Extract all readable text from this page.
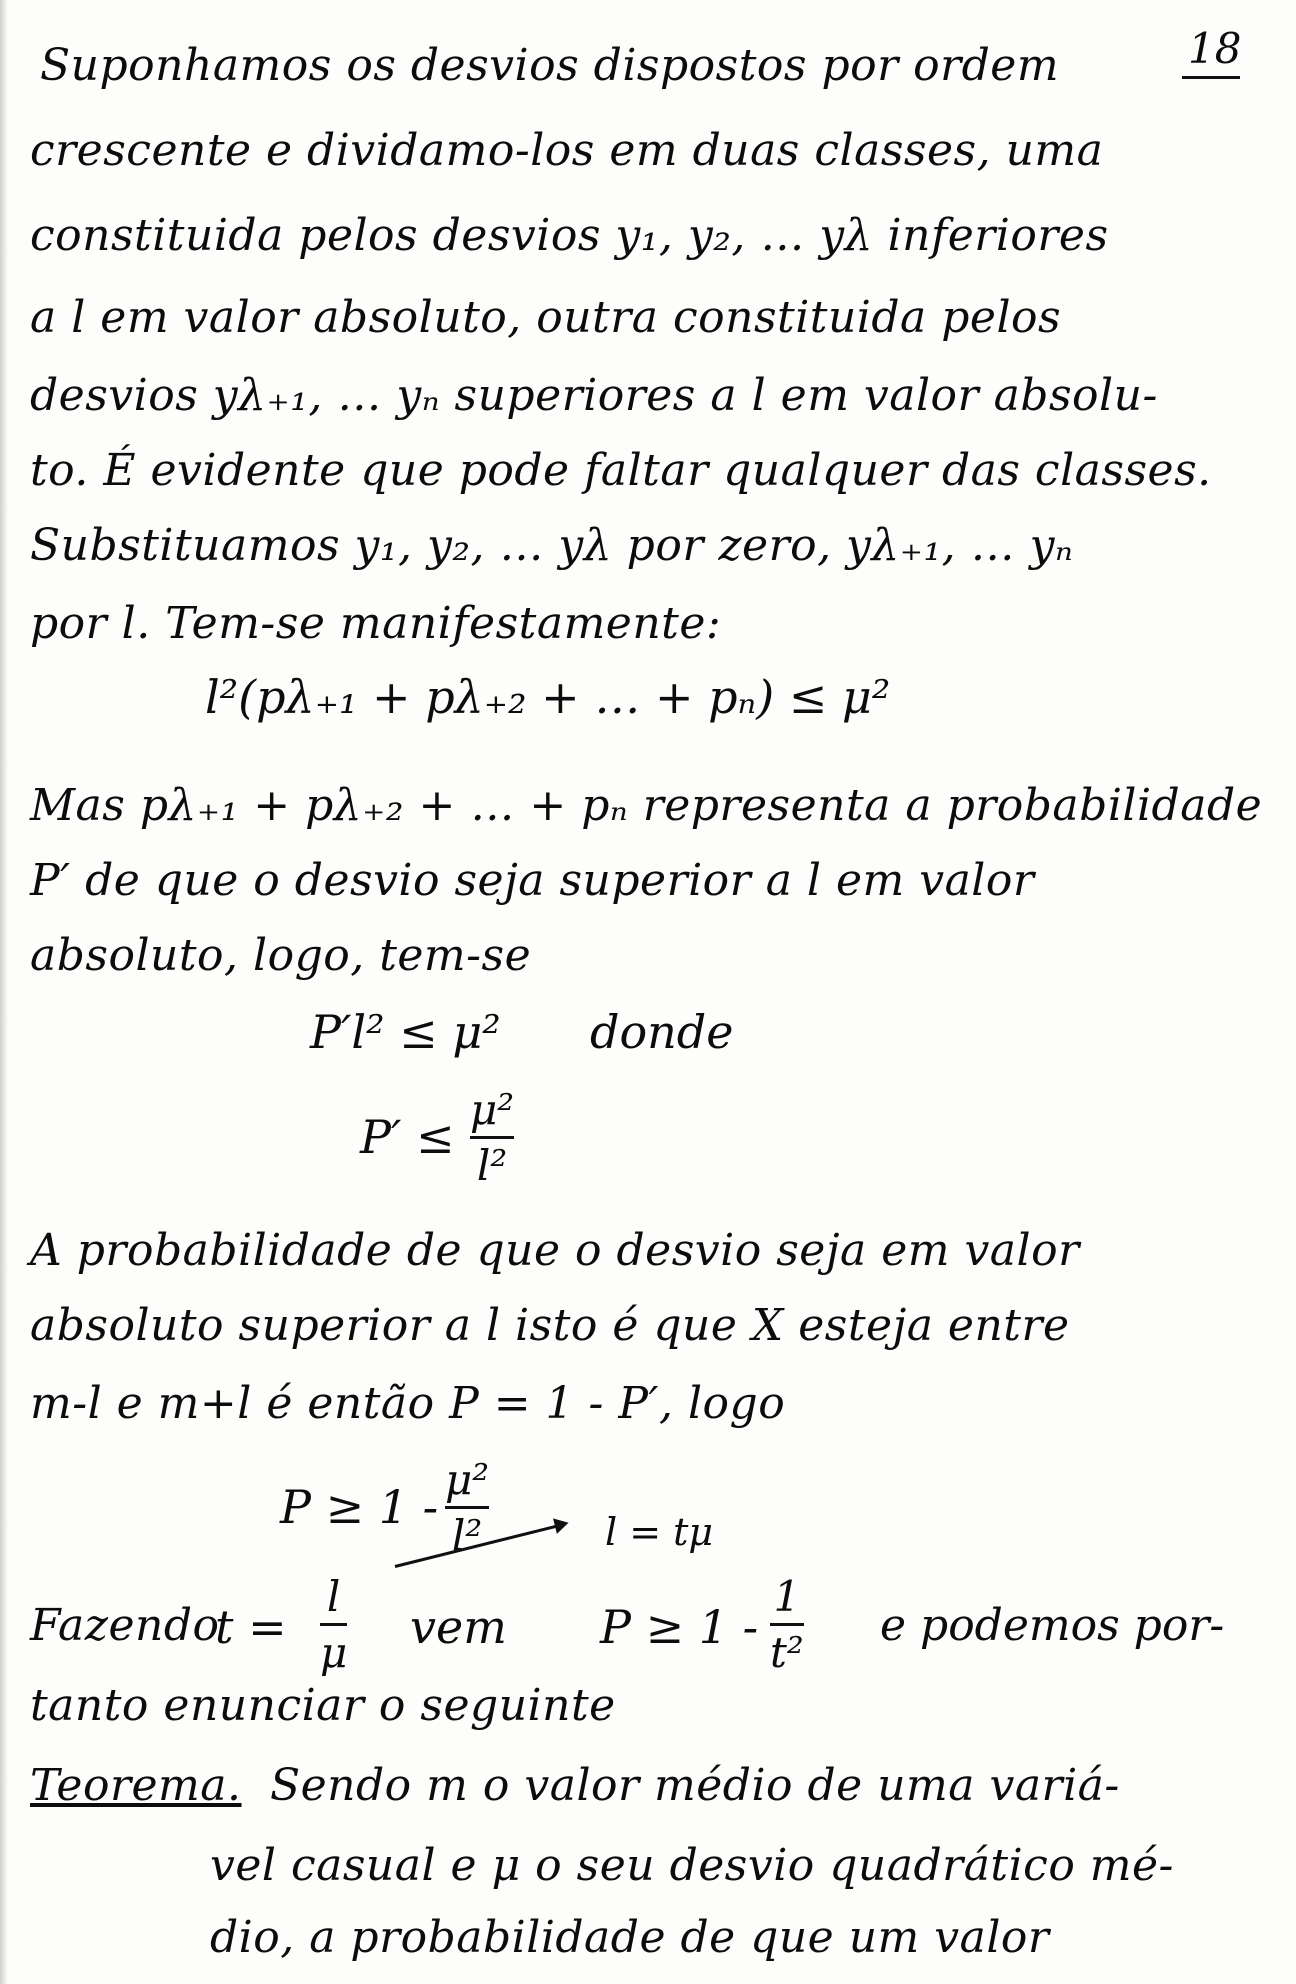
18
Suponhamos os desvios dispostos por ordem
crescente e dividamo-los em duas classes, uma
constituida pelos desvios y₁, y₂, … yλ inferiores
a l em valor absoluto, outra constituida pelos
desvios yλ₊₁, … yₙ superiores a l em valor absolu-
to. É evidente que pode faltar qualquer das classes.
Substituamos y₁, y₂, … yλ por zero, yλ₊₁, … yₙ
por l. Tem-se manifestamente:
l²(pλ₊₁ + pλ₊₂ + … + pₙ) ≤ μ²
Mas pλ₊₁ + pλ₊₂ + … + pₙ representa a probabilidade
P′ de que o desvio seja superior a l em valor
absoluto, logo, tem-se
P′l² ≤ μ² donde
P′ ≤
μ²
l²
A probabilidade de que o desvio seja em valor
absoluto superior a l isto é que X esteja entre
m-l e m+l é então P = 1 - P′, logo
P ≥ 1 -
μ²
l²	l = tμ
Fazendo
t =
l
μ vem P ≥ 1 -
1
t²
e podemos por-
tanto enunciar o seguinte
Teorema. Sendo m o valor médio de uma variá-
vel casual e μ o seu desvio quadrático mé-
dio, a probabilidade de que um valor
